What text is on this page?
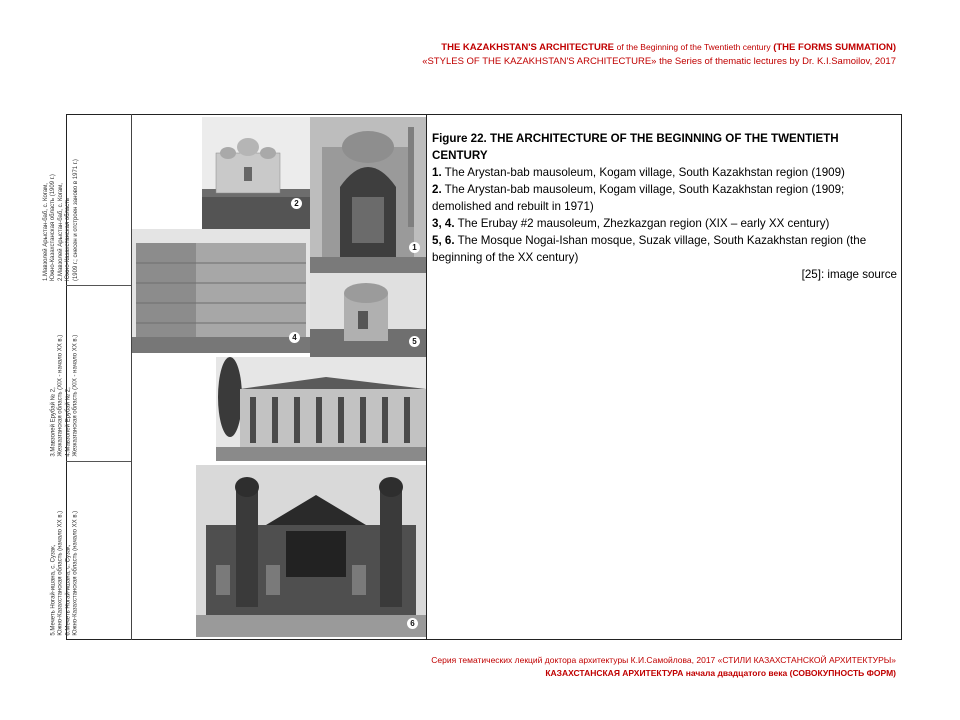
THE KAZAKHSTAN'S ARCHITECTURE of the Beginning of the Twentieth century (THE FORMS SUMMATION)
«STYLES OF THE KAZAKHSTAN'S ARCHITECTURE» the Series of thematic lectures by Dr. K.I.Samoilov, 2017
1.Мавзолей Арыстан-баб, с. Когам, Южно-Казахстанская область (1909 г.) 2.Мавзолей Арыстан-баб, с. Когам, Южно-Казахстанская область (1909 г.; снесен и отстроен заново в 1971 г.)
3.Мавзолей Ерубай № 2, Жезказганская область (XIX - начало XX в.) 4.Мавзолей Ерубай № 2, Жезказганская область (XIX - начало XX в.)
5.Мечеть Ногай-ишана, с. Сузак, Южно-Казахстанская область (начало XX в.) 6.Мечеть Ногай-ишана, с. Сузак, Южно-Казахстанская область (начало XX в.)
2
1
4	5
6
Figure 22. THE ARCHITECTURE OF THE BEGINNING OF THE TWENTIETH CENTURY
1. The Arystan-bab mausoleum, Kogam village, South Kazakhstan region (1909)
2. The Arystan-bab mausoleum, Kogam village, South Kazakhstan region (1909; demolished and rebuilt in 1971)
3, 4. The Erubay #2 mausoleum, Zhezkazgan region (XIX – early XX century)
5, 6. The Mosque Nogai-Ishan mosque, Suzak village, South Kazakhstan region (the beginning of the XX century)
[25]: image source
Серия тематических лекций доктора архитектуры К.И.Самойлова, 2017 «СТИЛИ КАЗАХСТАНСКОЙ АРХИТЕКТУРЫ»
КАЗАХСТАНСКАЯ АРХИТЕКТУРА начала двадцатого века (СОВОКУПНОСТЬ ФОРМ)
